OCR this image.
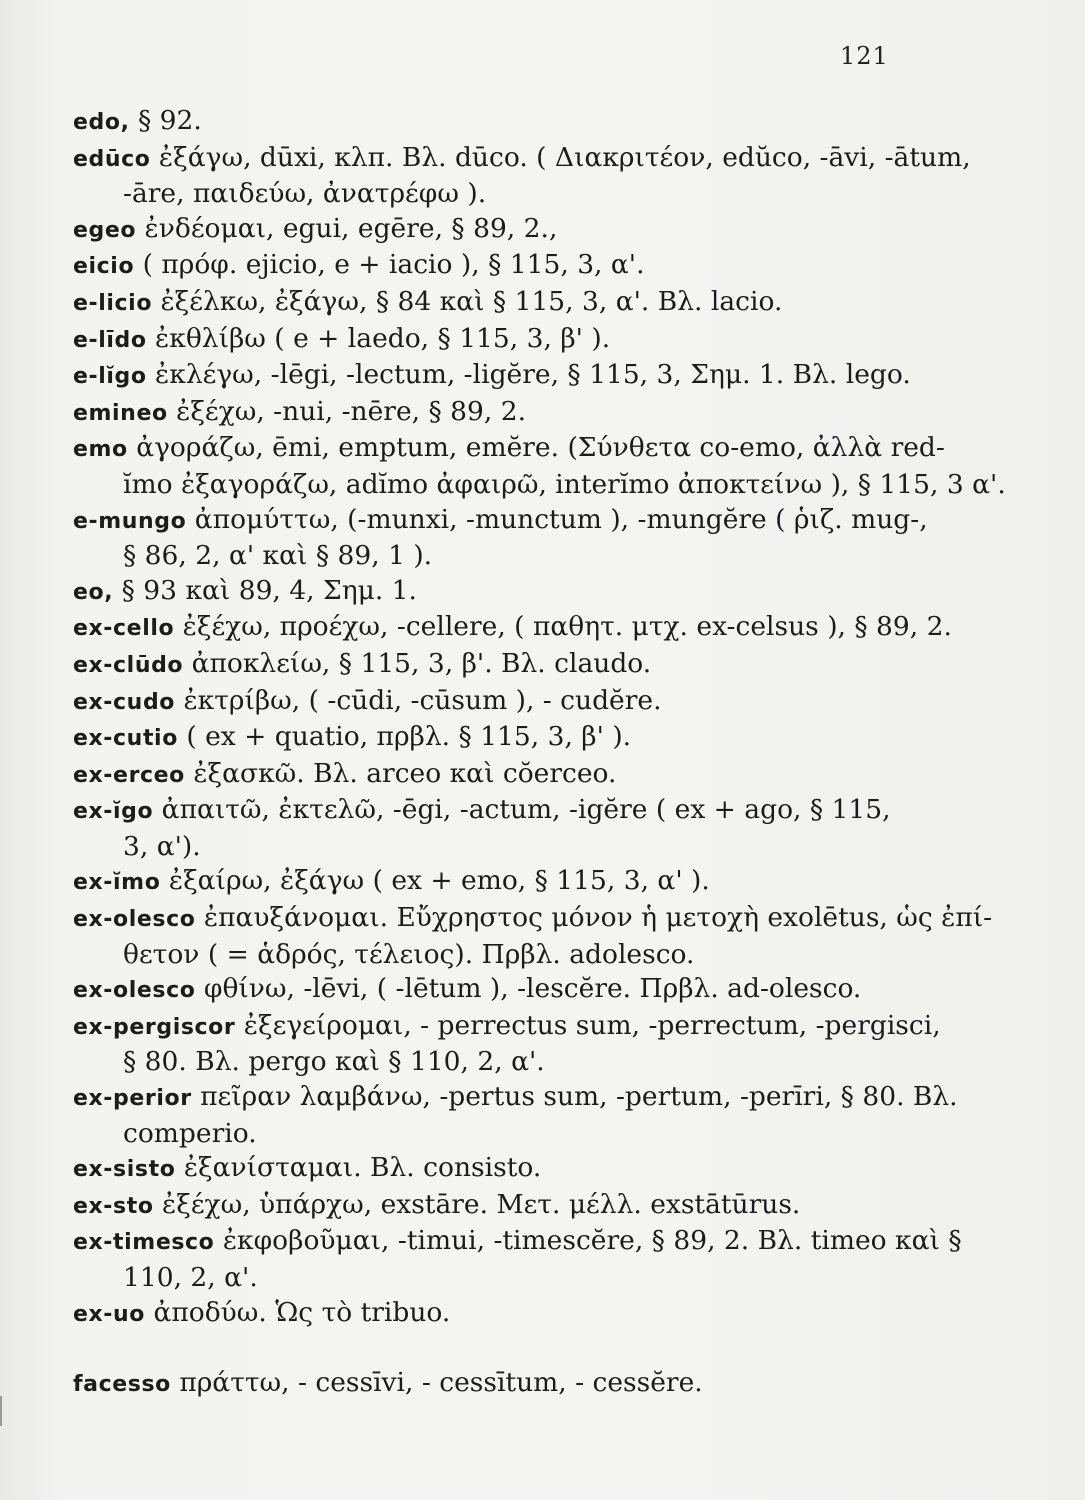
121
edo, § 92.
edūco ἐξάγω, dūxi, κλπ. Βλ. dūco. ( Διακριτέον, edŭco, -āvi, -ātum,
-āre, παιδεύω, ἀνατρέφω ).
egeo ἐνδέομαι, egui, egēre, § 89, 2.,
eicio ( πρόφ. ejicio, e + iacio ), § 115, 3, α'.
e-licio ἐξέλκω, ἐξάγω, § 84 καὶ § 115, 3, α'. Βλ. lacio.
e-līdo ἐκθλίβω ( e + laedo, § 115, 3, β' ).
e-lĭgo ἐκλέγω, -lēgi, -lectum, -ligĕre, § 115, 3, Σημ. 1. Βλ. lego.
emineo ἐξέχω, -nui, -nēre, § 89, 2.
emo ἀγοράζω, ēmi, emptum, emĕre. (Σύνθετα co-emo, ἀλλὰ red-
ĭmo ἐξαγοράζω, adĭmo ἀφαιρῶ, interĭmo ἀποκτείνω ), § 115, 3 α'.
e-mungo ἀπομύττω, (-munxi, -munctum ), -mungĕre ( ῥιζ. mug-,
§ 86, 2, α' καὶ § 89, 1 ).
eo, § 93 καὶ 89, 4, Σημ. 1.
ex-cello ἐξέχω, προέχω, -cellere, ( παθητ. μτχ. ex-celsus ), § 89, 2.
ex-clūdo ἀποκλείω, § 115, 3, β'. Βλ. claudo.
ex-cudo ἐκτρίβω, ( -cūdi, -cūsum ), - cudĕre.
ex-cutio ( ex + quatio, πρβλ. § 115, 3, β' ).
ex-erceo ἐξασκῶ. Βλ. arceo καὶ cŏerceo.
ex-ĭgo ἀπαιτῶ, ἐκτελῶ, -ēgi, -actum, -igĕre ( ex + ago, § 115,
3, α').
ex-ĭmo ἐξαίρω, ἐξάγω ( ex + emo, § 115, 3, α' ).
ex-olesco ἐπαυξάνομαι. Εὔχρηστος μόνον ἡ μετοχὴ exolētus, ὡς ἐπί-
θετον ( = ἁδρός, τέλειος). Πρβλ. adolesco.
ex-olesco φθίνω, -lēvi, ( -lētum ), -lescĕre. Πρβλ. ad-olesco.
ex-pergiscor ἐξεγείρομαι, - perrectus sum, -perrectum, -pergisci,
§ 80. Βλ. pergo καὶ § 110, 2, α'.
ex-perior πεῖραν λαμβάνω, -pertus sum, -pertum, -perīri, § 80. Βλ.
comperio.
ex-sisto ἐξανίσταμαι. Βλ. consisto.
ex-sto ἐξέχω, ὑπάρχω, exstāre. Μετ. μέλλ. exstātūrus.
ex-timesco ἐκφοβοῦμαι, -timui, -timescĕre, § 89, 2. Βλ. timeo καὶ §
110, 2, α'.
ex-uo ἀποδύω. Ὡς τὸ tribuo.
facesso πράττω, - cessīvi, - cessītum, - cessĕre.
